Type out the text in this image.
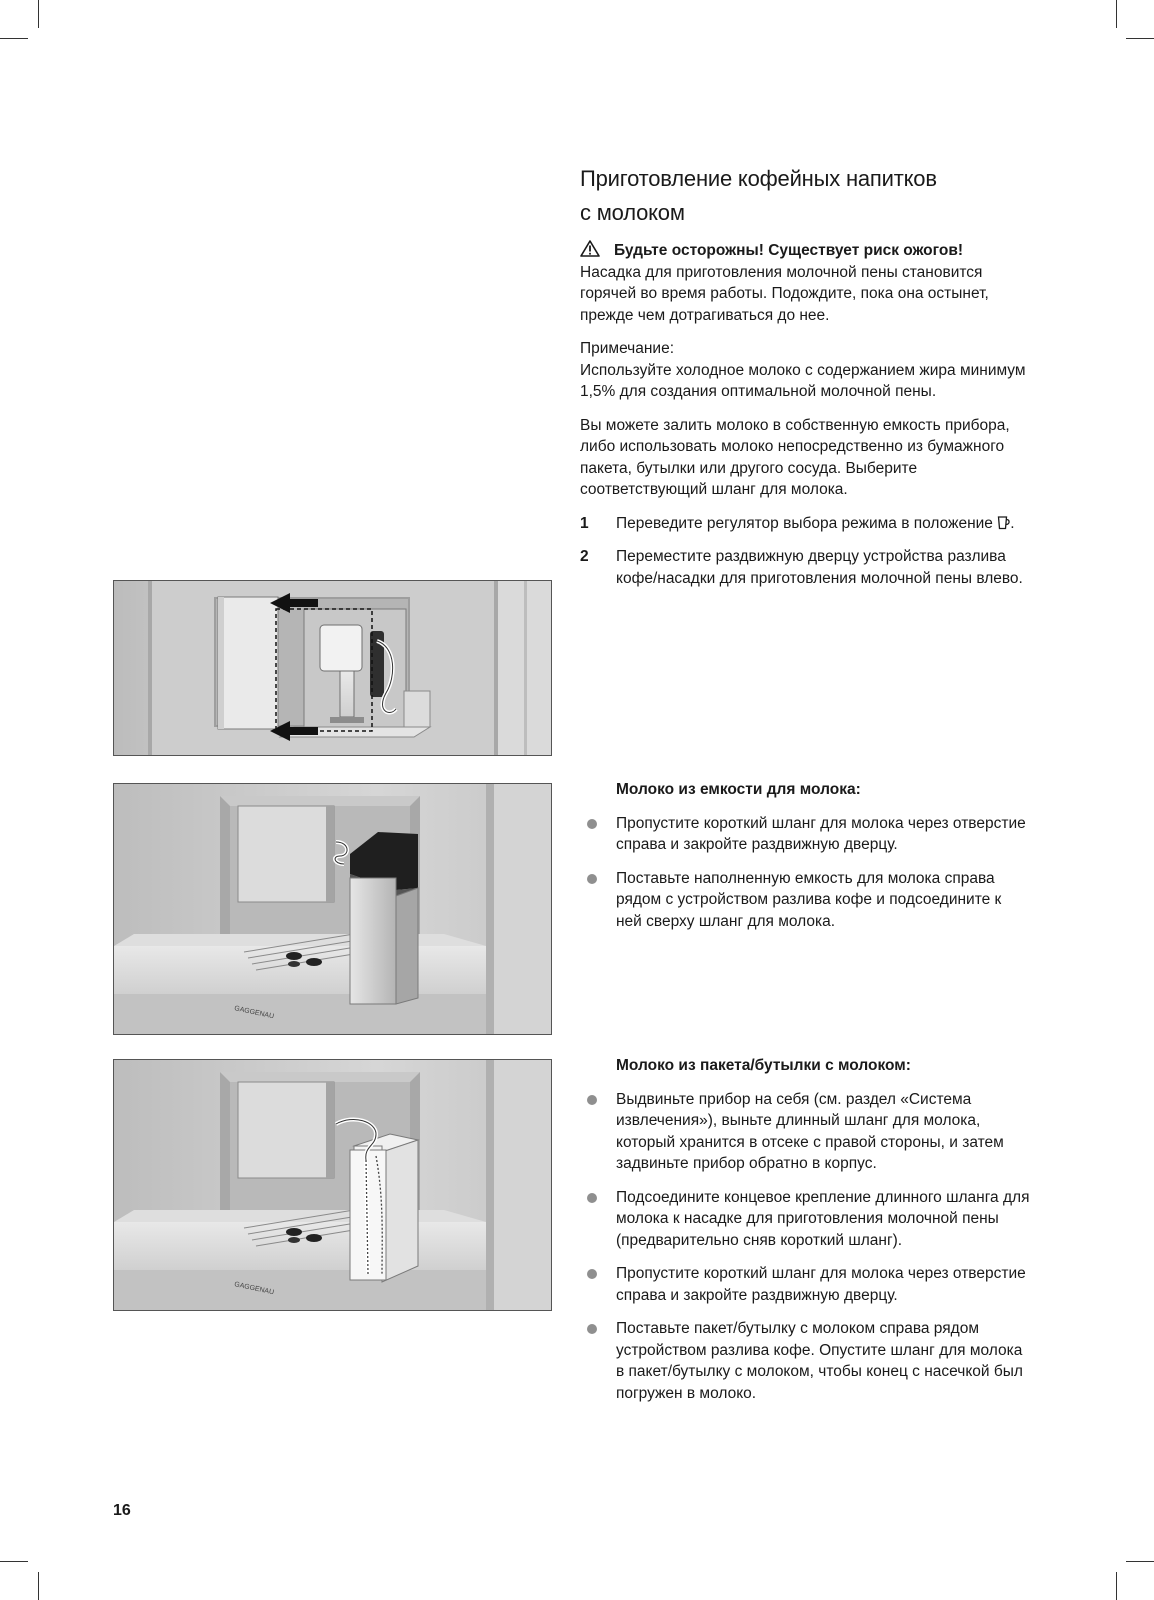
Приготовление кофейных напитков
с молоком
Будьте осторожны! Существует риск ожогов!
Насадка для приготовления молочной пены становится горячей во время работы. Подождите, пока она остынет, прежде чем дотрагиваться до нее.
Примечание:
Используйте холодное молоко с содержанием жира минимум 1,5% для создания оптимальной молочной пены.
Вы можете залить молоко в собственную емкость прибора, либо использовать молоко непосредственно из бумажного пакета, бутылки или другого сосуда. Выберите соответствующий шланг для молока.
1 Переведите регулятор выбора режима в положение .
2 Переместите раздвижную дверцу устройства разлива кофе/насадки для приготовления молочной пены влево.
Молоко из емкости для молока:
Пропустите короткий шланг для молока через отверстие справа и закройте раздвижную дверцу.
Поставьте наполненную емкость для молока справа рядом с устройством разлива кофе и подсоедините к ней сверху шланг для молока.
Молоко из пакета/бутылки с молоком:
Выдвиньте прибор на себя (см. раздел «Система извлечения»), выньте длинный шланг для молока, который хранится в отсеке с правой стороны, и затем задвиньте прибор обратно в корпус.
Подсоедините концевое крепление длинного шланга для молока к насадке для приготовления молочной пены (предварительно сняв короткий шланг).
Пропустите короткий шланг для молока через отверстие справа и закройте раздвижную дверцу.
Поставьте пакет/бутылку с молоком справа рядом устройством разлива кофе. Опустите шланг для молока в пакет/бутылку с молоком, чтобы конец с насечкой был погружен в молоко.
GAGGENAU
GAGGENAU
16
